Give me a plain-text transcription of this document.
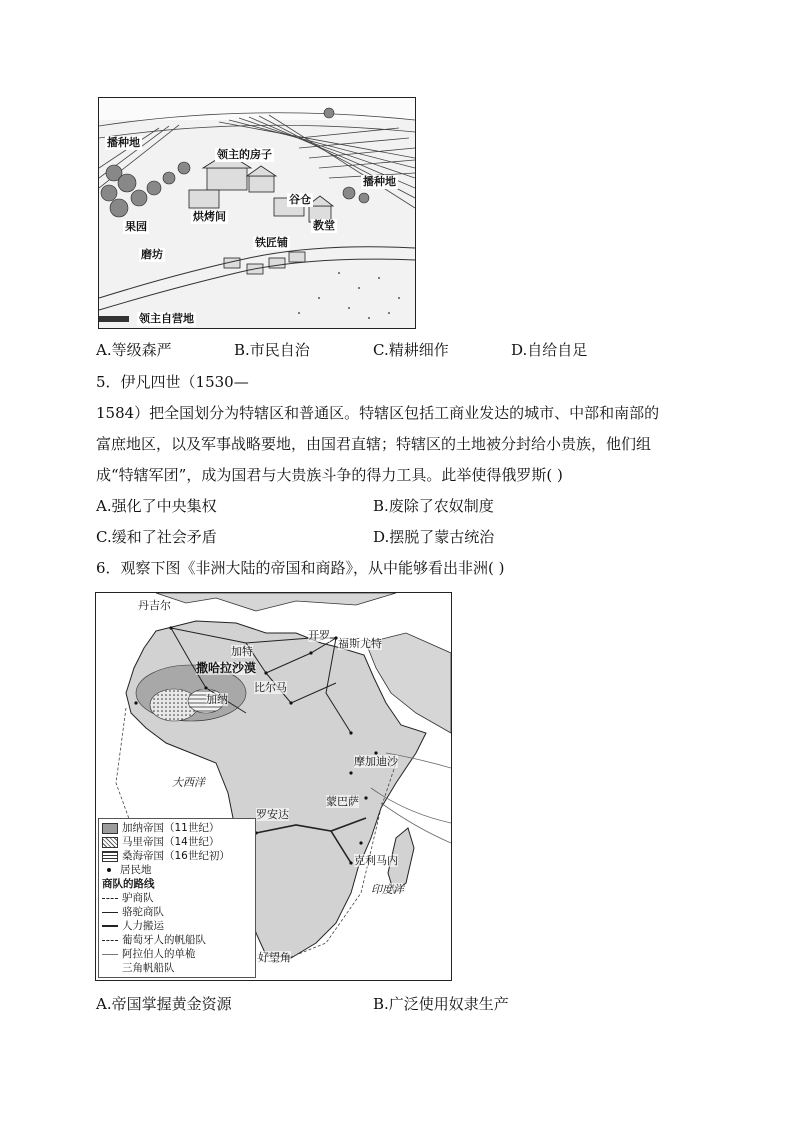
播种地
领主的房子
播种地
谷仓
烘烤间
教堂
果园
磨坊
铁匠铺
领主自营地
A.等级森严	B.市民自治	C.精耕细作	D.自给自足
5．伊凡四世（1530—
1584）把全国划分为特辖区和普通区。特辖区包括工商业发达的城市、中部和南部的
富庶地区，以及军事战略要地，由国君直辖；特辖区的土地被分封给小贵族，他们组
成“特辖军团”，成为国君与大贵族斗争的得力工具。此举使得俄罗斯( )
A.强化了中央集权	B.废除了农奴制度
C.缓和了社会矛盾	D.摆脱了蒙古统治
6．观察下图《非洲大陆的帝国和商路》，从中能够看出非洲( )
丹吉尔
开罗
福斯尤特
加特
撒哈拉沙漠
比尔马
加纳
摩加迪沙
大西洋
蒙巴萨
罗安达
克利马内
印度洋
好望角
加纳帝国（11世纪）
马里帝国（14世纪）
桑海帝国（16世纪初）
居民地
商队的路线
驴商队
骆驼商队
人力搬运
葡萄牙人的帆船队
阿拉伯人的单桅
三角帆船队
A.帝国掌握黄金资源	B.广泛使用奴隶生产
